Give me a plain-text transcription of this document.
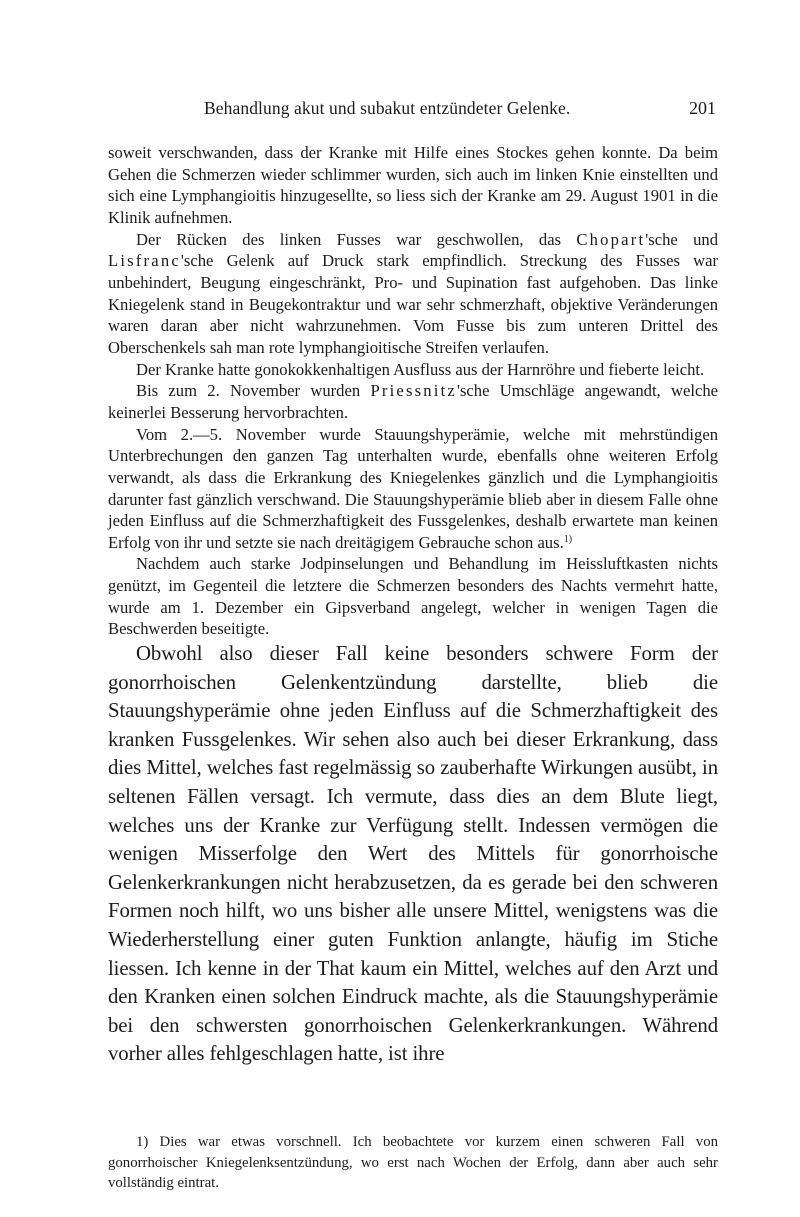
Behandlung akut und subakut entzündeter Gelenke.	201

soweit verschwanden, dass der Kranke mit Hilfe eines Stockes gehen konnte. Da beim Gehen die Schmerzen wieder schlimmer wurden, sich auch im linken Knie einstellten und sich eine Lymphangioitis hinzugesellte, so liess sich der Kranke am 29. August 1901 in die Klinik aufnehmen.

Der Rücken des linken Fusses war geschwollen, das Chopart'sche und Lisfranc'sche Gelenk auf Druck stark empfindlich. Streckung des Fusses war unbehindert, Beugung eingeschränkt, Pro- und Supination fast aufgehoben. Das linke Kniegelenk stand in Beugekontraktur und war sehr schmerzhaft, objektive Veränderungen waren daran aber nicht wahrzunehmen. Vom Fusse bis zum unteren Drittel des Oberschenkels sah man rote lymphangioitische Streifen verlaufen.

Der Kranke hatte gonokokkenhaltigen Ausfluss aus der Harnröhre und fieberte leicht.

Bis zum 2. November wurden Priessnitz'sche Umschläge angewandt, welche keinerlei Besserung hervorbrachten.

Vom 2.—5. November wurde Stauungshyperämie, welche mit mehrstündigen Unterbrechungen den ganzen Tag unterhalten wurde, ebenfalls ohne weiteren Erfolg verwandt, als dass die Erkrankung des Kniegelenkes gänzlich und die Lymphangioitis darunter fast gänzlich verschwand. Die Stauungshyperämie blieb aber in diesem Falle ohne jeden Einfluss auf die Schmerzhaftigkeit des Fussgelenkes, deshalb erwartete man keinen Erfolg von ihr und setzte sie nach dreitägigem Gebrauche schon aus.$^{1)}$

Nachdem auch starke Jodpinselungen und Behandlung im Heissluftkasten nichts genützt, im Gegenteil die letztere die Schmerzen besonders des Nachts vermehrt hatte, wurde am 1. Dezember ein Gipsverband angelegt, welcher in wenigen Tagen die Beschwerden beseitigte.

Obwohl also dieser Fall keine besonders schwere Form der gonorrhoischen Gelenkentzündung darstellte, blieb die Stauungshyperämie ohne jeden Einfluss auf die Schmerzhaftigkeit des kranken Fussgelenkes. Wir sehen also auch bei dieser Erkrankung, dass dies Mittel, welches fast regelmässig so zauberhafte Wirkungen ausübt, in seltenen Fällen versagt. Ich vermute, dass dies an dem Blute liegt, welches uns der Kranke zur Verfügung stellt. Indessen vermögen die wenigen Misserfolge den Wert des Mittels für gonorrhoische Gelenkerkrankungen nicht herabzusetzen, da es gerade bei den schweren Formen noch hilft, wo uns bisher alle unsere Mittel, wenigstens was die Wiederherstellung einer guten Funktion anlangte, häufig im Stiche liessen. Ich kenne in der That kaum ein Mittel, welches auf den Arzt und den Kranken einen solchen Eindruck machte, als die Stauungshyperämie bei den schwersten gonorrhoischen Gelenkerkrankungen. Während vorher alles fehlgeschlagen hatte, ist ihre

1) Dies war etwas vorschnell. Ich beobachtete vor kurzem einen schweren Fall von gonorrhoischer Kniegelenksentzündung, wo erst nach Wochen der Erfolg, dann aber auch sehr vollständig eintrat.
